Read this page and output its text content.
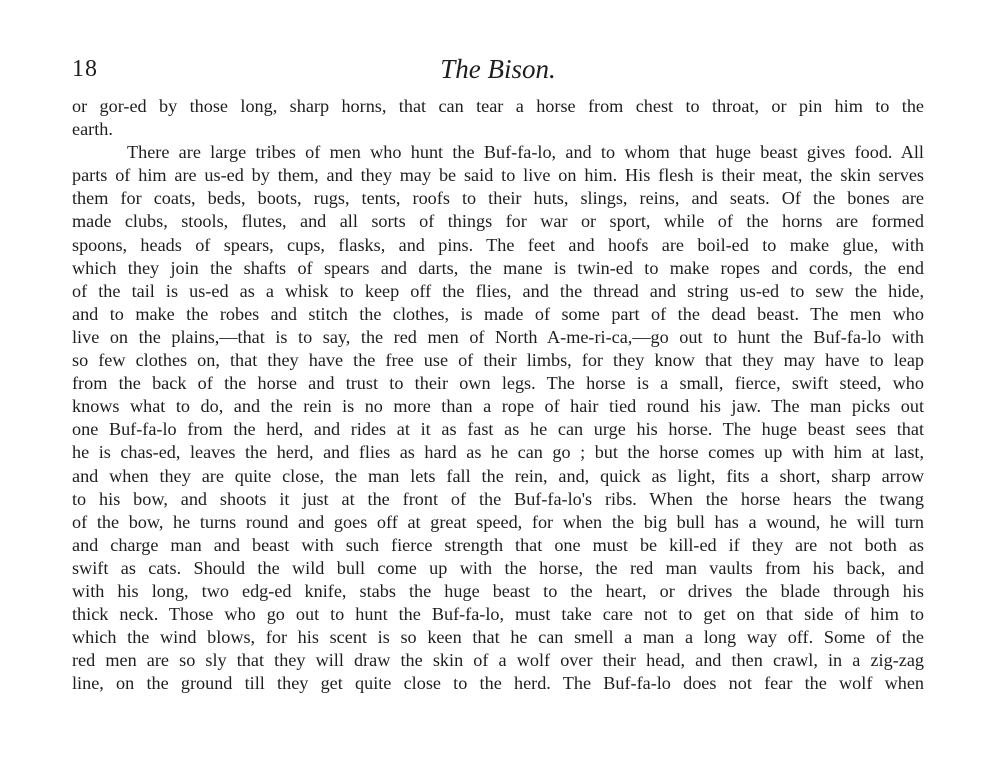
18	The Bison.
or gor-ed by those long, sharp horns, that can tear a horse from chest to throat, or pin him to the
earth.
There are large tribes of men who hunt the Buf-fa-lo, and to whom that huge beast gives food. All
parts of him are us-ed by them, and they may be said to live on him. His flesh is their meat, the skin serves
them for coats, beds, boots, rugs, tents, roofs to their huts, slings, reins, and seats. Of the bones are
made clubs, stools, flutes, and all sorts of things for war or sport, while of the horns are formed
spoons, heads of spears, cups, flasks, and pins. The feet and hoofs are boil-ed to make glue, with
which they join the shafts of spears and darts, the mane is twin-ed to make ropes and cords, the end
of the tail is us-ed as a whisk to keep off the flies, and the thread and string us-ed to sew the hide,
and to make the robes and stitch the clothes, is made of some part of the dead beast. The men who
live on the plains,—that is to say, the red men of North A-me-ri-ca,—go out to hunt the Buf-fa-lo with
so few clothes on, that they have the free use of their limbs, for they know that they may have to leap
from the back of the horse and trust to their own legs. The horse is a small, fierce, swift steed, who
knows what to do, and the rein is no more than a rope of hair tied round his jaw. The man picks out
one Buf-fa-lo from the herd, and rides at it as fast as he can urge his horse. The huge beast sees that
he is chas-ed, leaves the herd, and flies as hard as he can go ; but the horse comes up with him at last,
and when they are quite close, the man lets fall the rein, and, quick as light, fits a short, sharp arrow
to his bow, and shoots it just at the front of the Buf-fa-lo's ribs. When the horse hears the twang
of the bow, he turns round and goes off at great speed, for when the big bull has a wound, he will turn
and charge man and beast with such fierce strength that one must be kill-ed if they are not both as
swift as cats. Should the wild bull come up with the horse, the red man vaults from his back, and
with his long, two edg-ed knife, stabs the huge beast to the heart, or drives the blade through his
thick neck. Those who go out to hunt the Buf-fa-lo, must take care not to get on that side of him to
which the wind blows, for his scent is so keen that he can smell a man a long way off. Some of the
red men are so sly that they will draw the skin of a wolf over their head, and then crawl, in a zig-zag
line, on the ground till they get quite close to the herd. The Buf-fa-lo does not fear the wolf when
